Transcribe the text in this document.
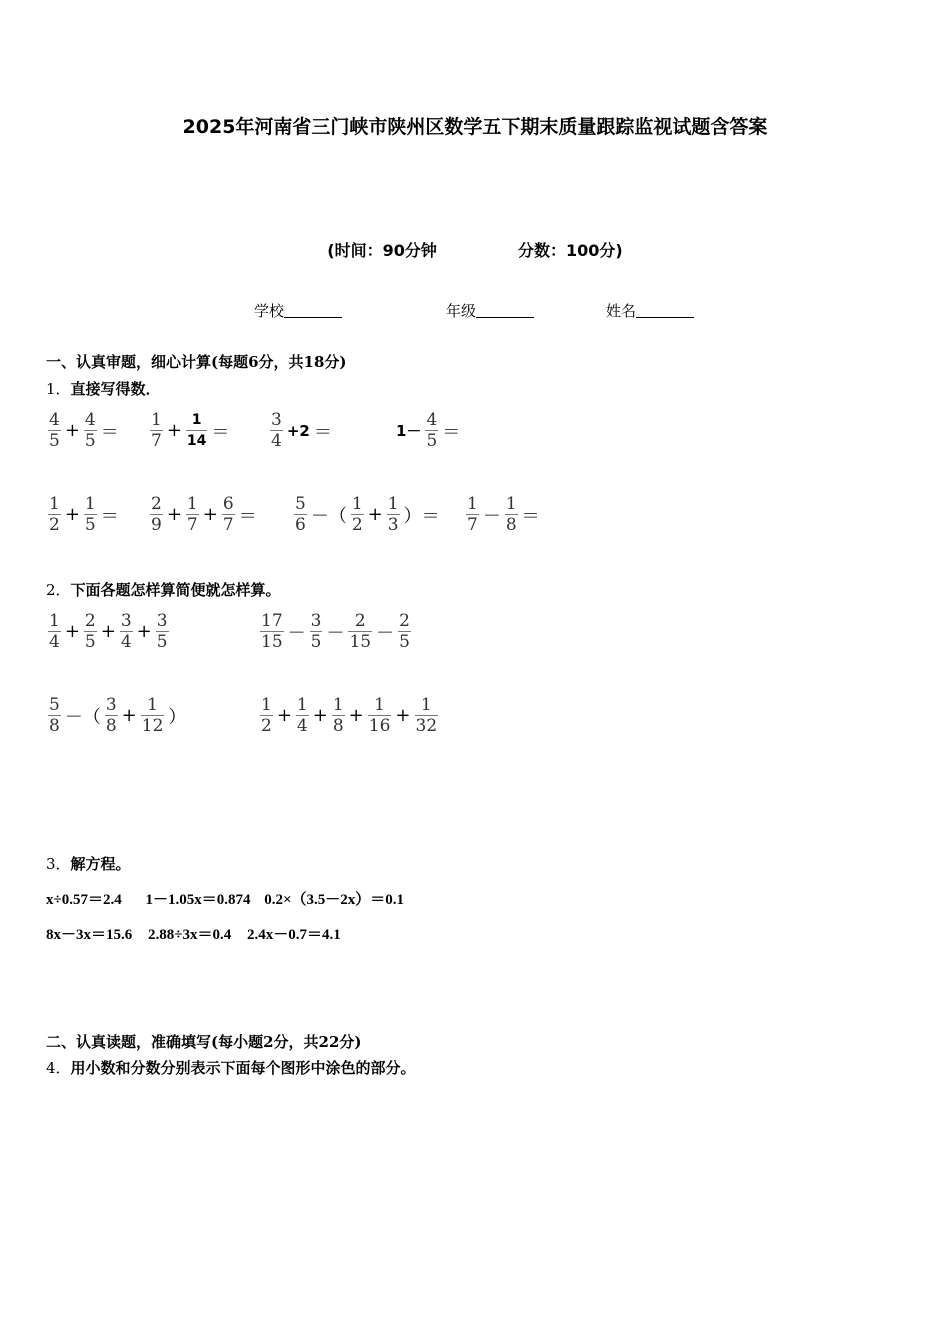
2025年河南省三门峡市陕州区数学五下期末质量跟踪监视试题含答案
(时间：90分钟	分数：100分)
学校	年级	姓名
一、认真审题，细心计算(每题6分，共18分)
1．直接写得数．
$\frac{4}{5} + \frac{4}{5} = \frac{1}{7} + \frac{1}{14} = \frac{3}{4} +2$ ＝	$1- \frac{4}{5}$ ＝
$\frac{1}{2} + \frac{1}{5} = \frac{2}{9} + \frac{1}{7} + \frac{6}{7} = \frac{5}{6}$ －（ $\frac{1}{2} + \frac{1}{3}$ ）＝ $\frac{1}{7} - \frac{1}{8}$ ＝
2．下面各题怎样算简便就怎样算。
$\frac{1}{4} + \frac{2}{5} + \frac{3}{4} + \frac{3}{5}$	$\frac{17}{15} - \frac{3}{5} - \frac{2}{15} - \frac{2}{5}$
$\frac{5}{8}$ －（ $\frac{3}{8} + \frac{1}{12}$ ）	$\frac{1}{2} + \frac{1}{4} + \frac{1}{8} + \frac{1}{16} + \frac{1}{32}$
3．解方程。
x÷0.57＝2.4 1－1.05x＝0.874 0.2×（3.5－2x）＝0.1
8x－3x＝15.6 2.88÷3x＝0.4 2.4x－0.7＝4.1
二、认真读题，准确填写(每小题2分，共22分)
4．用小数和分数分别表示下面每个图形中涂色的部分。
